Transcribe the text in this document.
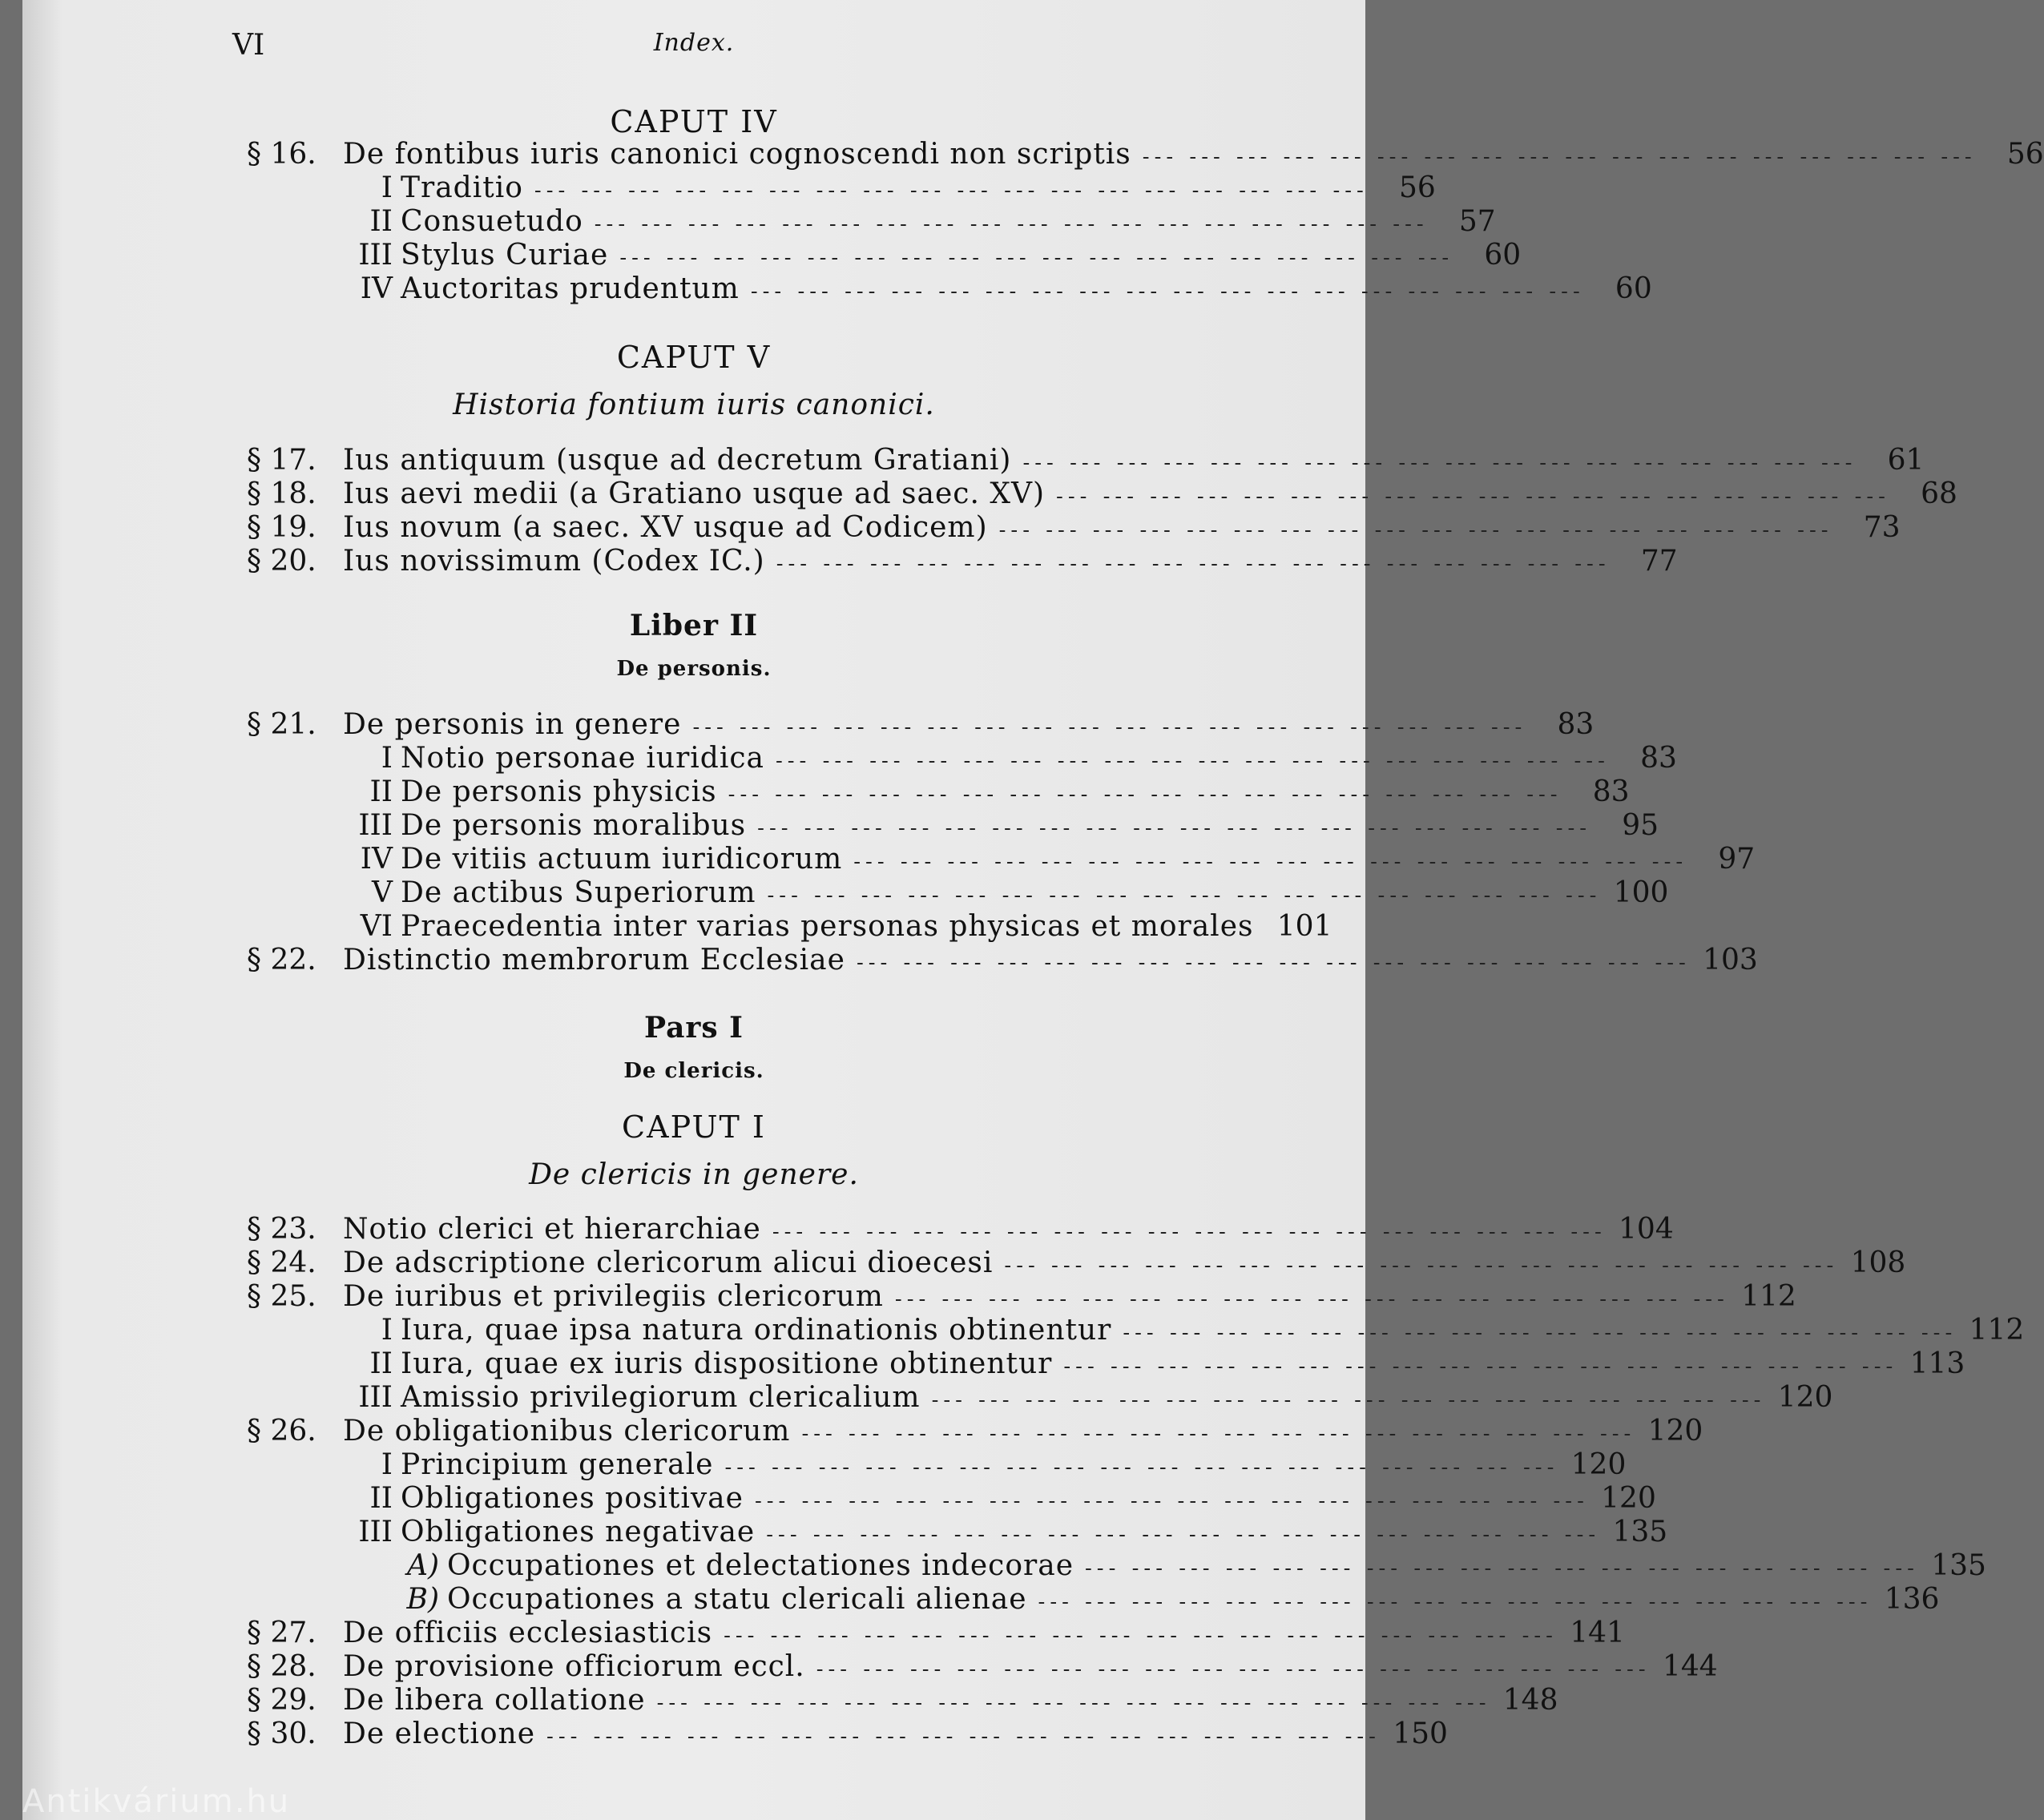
VI	Index.
CAPUT IV
CAPUT V
Historia fontium iuris canonici.
Liber II
De personis.
Pars I
De clericis.
CAPUT I
De clericis in genere.
Antikvárium.hu
§ 16. De fontibus iuris canonici cognoscendi non scriptis --- --- --- --- --- --- --- --- --- --- --- --- --- --- --- --- --- ---	56
I Traditio --- --- --- --- --- --- --- --- --- --- --- --- --- --- --- --- --- ---	56
II Consuetudo --- --- --- --- --- --- --- --- --- --- --- --- --- --- --- --- --- ---	57
III Stylus Curiae --- --- --- --- --- --- --- --- --- --- --- --- --- --- --- --- --- ---	60
IV Auctoritas prudentum --- --- --- --- --- --- --- --- --- --- --- --- --- --- --- --- --- ---	60
§ 17. Ius antiquum (usque ad decretum Gratiani) --- --- --- --- --- --- --- --- --- --- --- --- --- --- --- --- --- ---	61
§ 18. Ius aevi medii (a Gratiano usque ad saec. XV) --- --- --- --- --- --- --- --- --- --- --- --- --- --- --- --- --- ---	68
§ 19. Ius novum (a saec. XV usque ad Codicem) --- --- --- --- --- --- --- --- --- --- --- --- --- --- --- --- --- ---	73
§ 20. Ius novissimum (Codex IC.) --- --- --- --- --- --- --- --- --- --- --- --- --- --- --- --- --- ---	77
§ 21. De personis in genere --- --- --- --- --- --- --- --- --- --- --- --- --- --- --- --- --- ---	83
I Notio personae iuridica --- --- --- --- --- --- --- --- --- --- --- --- --- --- --- --- --- ---	83
II De personis physicis --- --- --- --- --- --- --- --- --- --- --- --- --- --- --- --- --- ---	83
III De personis moralibus --- --- --- --- --- --- --- --- --- --- --- --- --- --- --- --- --- ---	95
IV De vitiis actuum iuridicorum --- --- --- --- --- --- --- --- --- --- --- --- --- --- --- --- --- ---	97
V De actibus Superiorum --- --- --- --- --- --- --- --- --- --- --- --- --- --- --- --- --- --- 100
VI Praecedentia inter varias personas physicas et morales 101
§ 22. Distinctio membrorum Ecclesiae --- --- --- --- --- --- --- --- --- --- --- --- --- --- --- --- --- --- 103
§ 23. Notio clerici et hierarchiae --- --- --- --- --- --- --- --- --- --- --- --- --- --- --- --- --- --- 104
§ 24. De adscriptione clericorum alicui dioecesi --- --- --- --- --- --- --- --- --- --- --- --- --- --- --- --- --- --- 108
§ 25. De iuribus et privilegiis clericorum --- --- --- --- --- --- --- --- --- --- --- --- --- --- --- --- --- --- 112
I Iura, quae ipsa natura ordinationis obtinentur --- --- --- --- --- --- --- --- --- --- --- --- --- --- --- --- --- --- 112
II Iura, quae ex iuris dispositione obtinentur --- --- --- --- --- --- --- --- --- --- --- --- --- --- --- --- --- --- 113
III Amissio privilegiorum clericalium --- --- --- --- --- --- --- --- --- --- --- --- --- --- --- --- --- --- 120
§ 26. De obligationibus clericorum --- --- --- --- --- --- --- --- --- --- --- --- --- --- --- --- --- --- 120
I Principium generale --- --- --- --- --- --- --- --- --- --- --- --- --- --- --- --- --- --- 120
II Obligationes positivae --- --- --- --- --- --- --- --- --- --- --- --- --- --- --- --- --- --- 120
III Obligationes negativae --- --- --- --- --- --- --- --- --- --- --- --- --- --- --- --- --- --- 135
A) Occupationes et delectationes indecorae --- --- --- --- --- --- --- --- --- --- --- --- --- --- --- --- --- --- 135
B) Occupationes a statu clericali alienae --- --- --- --- --- --- --- --- --- --- --- --- --- --- --- --- --- --- 136
§ 27. De officiis ecclesiasticis --- --- --- --- --- --- --- --- --- --- --- --- --- --- --- --- --- --- 141
§ 28. De provisione officiorum eccl. --- --- --- --- --- --- --- --- --- --- --- --- --- --- --- --- --- --- 144
§ 29. De libera collatione --- --- --- --- --- --- --- --- --- --- --- --- --- --- --- --- --- --- 148
§ 30. De electione --- --- --- --- --- --- --- --- --- --- --- --- --- --- --- --- --- --- 150
